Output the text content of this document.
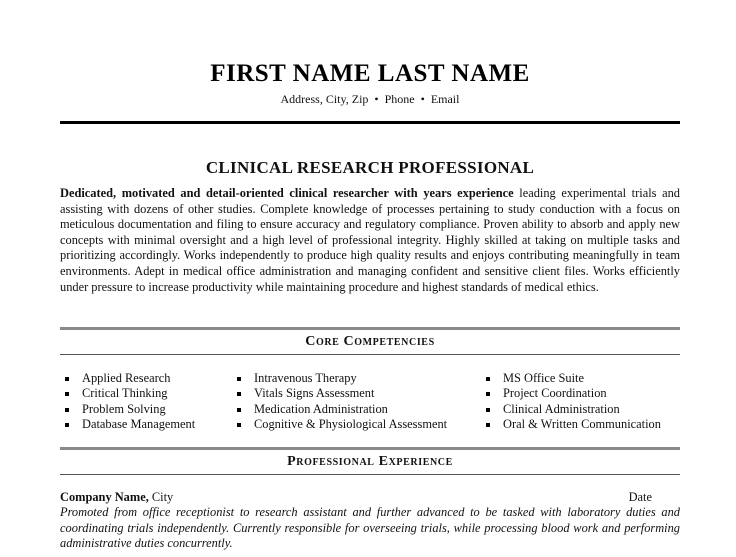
FIRST NAME LAST NAME
Address, City, Zip • Phone • Email
CLINICAL RESEARCH PROFESSIONAL
Dedicated, motivated and detail-oriented clinical researcher with years experience leading experimental trials and assisting with dozens of other studies. Complete knowledge of processes pertaining to study conduction with a focus on meticulous documentation and filing to ensure accuracy and regulatory compliance. Proven ability to absorb and apply new concepts with minimal oversight and a high level of professional integrity. Highly skilled at taking on multiple tasks and prioritizing accordingly. Works independently to produce high quality results and enjoys contributing meaningfully in team environments. Adept in medical office administration and managing confident and sensitive client files. Works efficiently under pressure to increase productivity while maintaining procedure and highest standards of medical ethics.
Core Competencies
Applied Research
Critical Thinking
Problem Solving
Database Management
Intravenous Therapy
Vitals Signs Assessment
Medication Administration
Cognitive & Physiological Assessment
MS Office Suite
Project Coordination
Clinical Administration
Oral & Written Communication
Professional Experience
Company Name, City	Date
Promoted from office receptionist to research assistant and further advanced to be tasked with laboratory duties and coordinating trials independently. Currently responsible for overseeing trials, while processing blood work and performing administrative duties concurrently.
